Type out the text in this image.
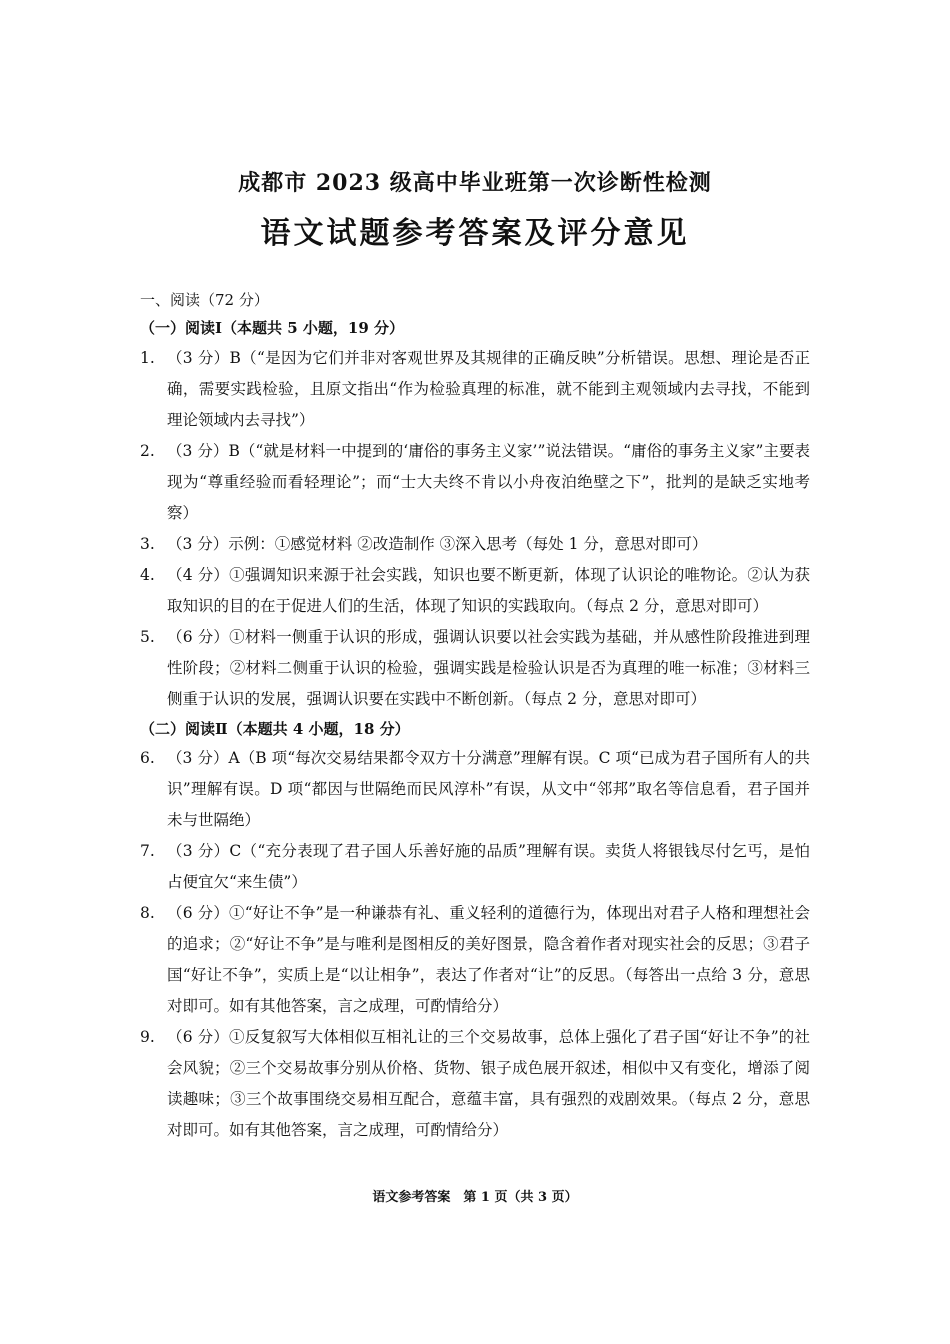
成都市 2023 级高中毕业班第一次诊断性检测
语文试题参考答案及评分意见
一、阅读（72 分）
（一）阅读Ⅰ（本题共 5 小题，19 分）
1. （3 分）B（“是因为它们并非对客观世界及其规律的正确反映”分析错误。思想、理论是否正确，需要实践检验，且原文指出“作为检验真理的标准，就不能到主观领域内去寻找，不能到理论领域内去寻找”）
2. （3 分）B（“就是材料一中提到的‘庸俗的事务主义家’”说法错误。“庸俗的事务主义家”主要表现为“尊重经验而看轻理论”；而“士大夫终不肯以小舟夜泊绝壁之下”，批判的是缺乏实地考察）
3. （3 分）示例：①感觉材料 ②改造制作 ③深入思考（每处 1 分，意思对即可）
4. （4 分）①强调知识来源于社会实践，知识也要不断更新，体现了认识论的唯物论。②认为获取知识的目的在于促进人们的生活，体现了知识的实践取向。（每点 2 分，意思对即可）
5. （6 分）①材料一侧重于认识的形成，强调认识要以社会实践为基础，并从感性阶段推进到理性阶段；②材料二侧重于认识的检验，强调实践是检验认识是否为真理的唯一标准；③材料三侧重于认识的发展，强调认识要在实践中不断创新。（每点 2 分，意思对即可）
（二）阅读Ⅱ（本题共 4 小题，18 分）
6. （3 分）A（B 项“每次交易结果都令双方十分满意”理解有误。C 项“已成为君子国所有人的共识”理解有误。D 项“都因与世隔绝而民风淳朴”有误，从文中“邻邦”取名等信息看，君子国并未与世隔绝）
7. （3 分）C（“充分表现了君子国人乐善好施的品质”理解有误。卖货人将银钱尽付乞丐，是怕占便宜欠“来生债”）
8. （6 分）①“好让不争”是一种谦恭有礼、重义轻利的道德行为，体现出对君子人格和理想社会的追求；②“好让不争”是与唯利是图相反的美好图景，隐含着作者对现实社会的反思；③君子国“好让不争”，实质上是“以让相争”，表达了作者对“让”的反思。（每答出一点给 3 分，意思对即可。如有其他答案，言之成理，可酌情给分）
9. （6 分）①反复叙写大体相似互相礼让的三个交易故事，总体上强化了君子国“好让不争”的社会风貌；②三个交易故事分别从价格、货物、银子成色展开叙述，相似中又有变化，增添了阅读趣味；③三个故事围绕交易相互配合，意蕴丰富，具有强烈的戏剧效果。（每点 2 分，意思对即可。如有其他答案，言之成理，可酌情给分）
语文参考答案　第 1 页（共 3 页）
